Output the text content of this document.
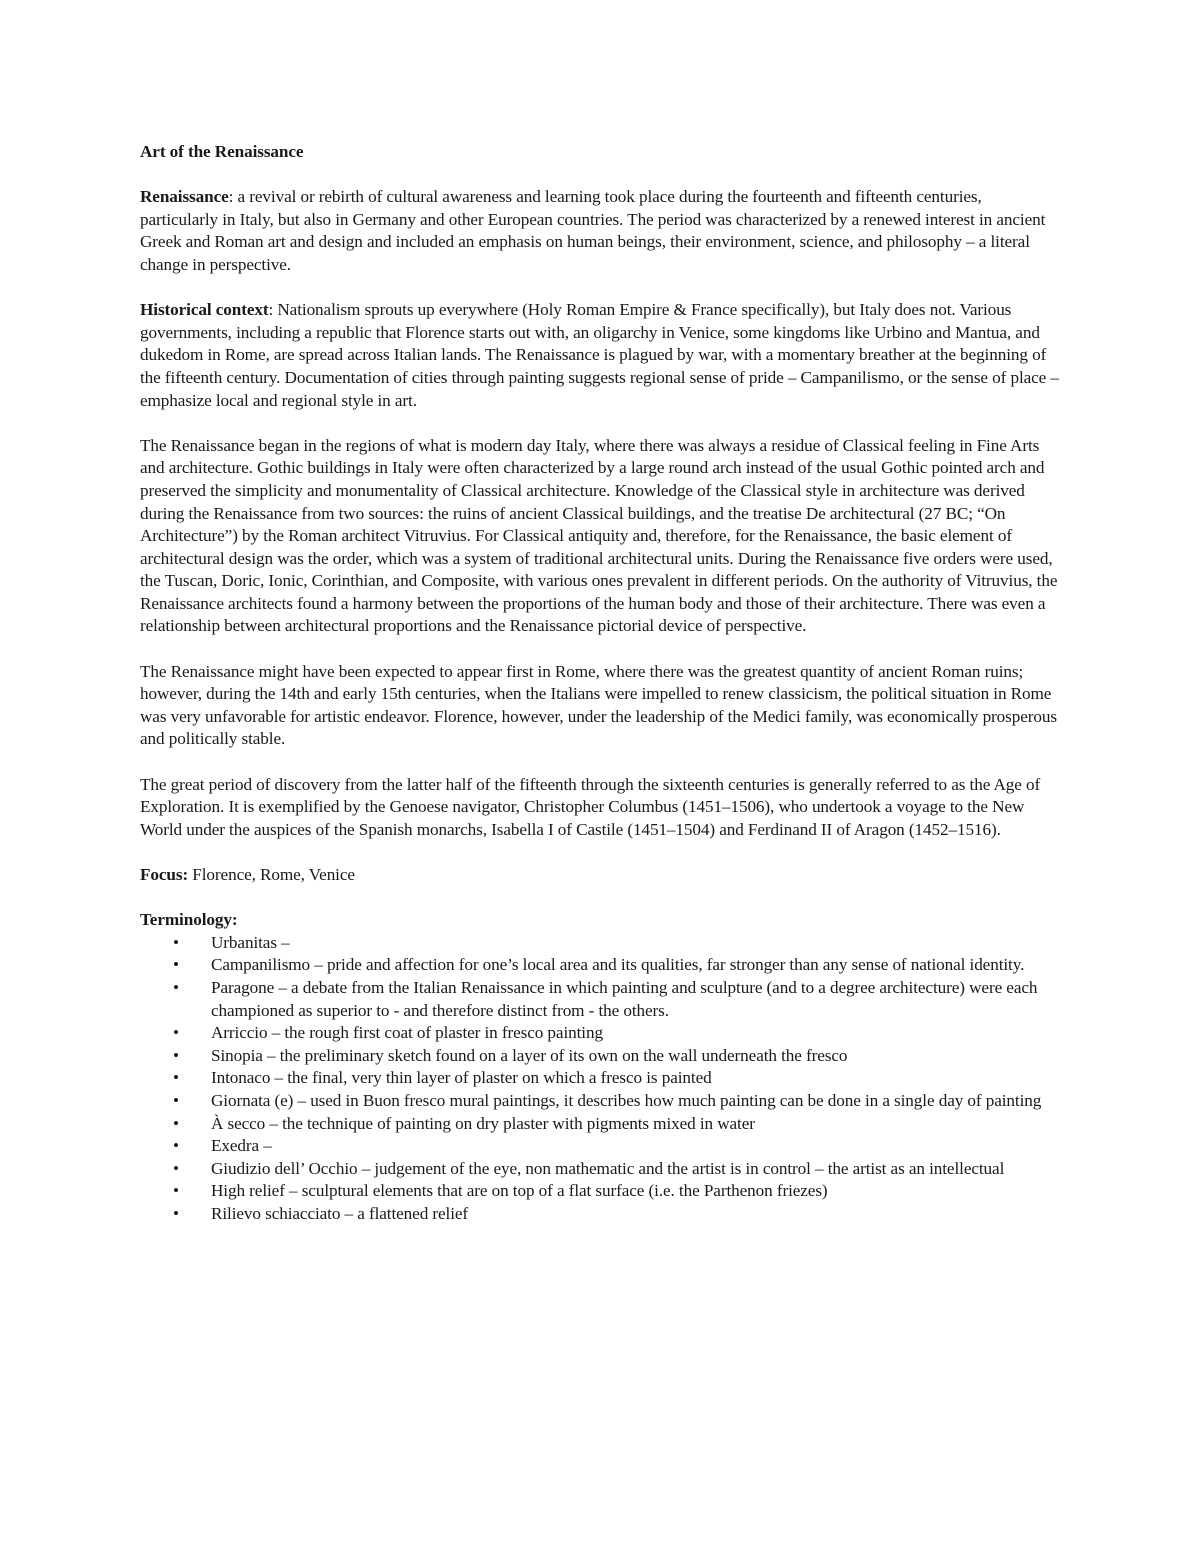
Art of the Renaissance

Renaissance: a revival or rebirth of cultural awareness and learning took place during the fourteenth and fifteenth centuries, particularly in Italy, but also in Germany and other European countries. The period was characterized by a renewed interest in ancient Greek and Roman art and design and included an emphasis on human beings, their environment, science, and philosophy – a literal change in perspective.

Historical context: Nationalism sprouts up everywhere (Holy Roman Empire & France specifically), but Italy does not. Various governments, including a republic that Florence starts out with, an oligarchy in Venice, some kingdoms like Urbino and Mantua, and dukedom in Rome, are spread across Italian lands. The Renaissance is plagued by war, with a momentary breather at the beginning of the fifteenth century. Documentation of cities through painting suggests regional sense of pride – Campanilismo, or the sense of place – emphasize local and regional style in art.

The Renaissance began in the regions of what is modern day Italy, where there was always a residue of Classical feeling in Fine Arts and architecture. Gothic buildings in Italy were often characterized by a large round arch instead of the usual Gothic pointed arch and preserved the simplicity and monumentality of Classical architecture. Knowledge of the Classical style in architecture was derived during the Renaissance from two sources: the ruins of ancient Classical buildings, and the treatise De architectural (27 BC; “On Architecture”) by the Roman architect Vitruvius. For Classical antiquity and, therefore, for the Renaissance, the basic element of architectural design was the order, which was a system of traditional architectural units. During the Renaissance five orders were used, the Tuscan, Doric, Ionic, Corinthian, and Composite, with various ones prevalent in different periods. On the authority of Vitruvius, the Renaissance architects found a harmony between the proportions of the human body and those of their architecture. There was even a relationship between architectural proportions and the Renaissance pictorial device of perspective.

The Renaissance might have been expected to appear first in Rome, where there was the greatest quantity of ancient Roman ruins; however, during the 14th and early 15th centuries, when the Italians were impelled to renew classicism, the political situation in Rome was very unfavorable for artistic endeavor. Florence, however, under the leadership of the Medici family, was economically prosperous and politically stable.

The great period of discovery from the latter half of the fifteenth through the sixteenth centuries is generally referred to as the Age of Exploration. It is exemplified by the Genoese navigator, Christopher Columbus (1451–1506), who undertook a voyage to the New World under the auspices of the Spanish monarchs, Isabella I of Castile (1451–1504) and Ferdinand II of Aragon (1452–1516).

Focus: Florence, Rome, Venice

Terminology:
• Urbanitas –
• Campanilismo – pride and affection for one’s local area and its qualities, far stronger than any sense of national identity.
• Paragone – a debate from the Italian Renaissance in which painting and sculpture (and to a degree architecture) were each championed as superior to - and therefore distinct from - the others.
• Arriccio – the rough first coat of plaster in fresco painting
• Sinopia – the preliminary sketch found on a layer of its own on the wall underneath the fresco
• Intonaco – the final, very thin layer of plaster on which a fresco is painted
• Giornata (e) – used in Buon fresco mural paintings, it describes how much painting can be done in a single day of painting
• À secco – the technique of painting on dry plaster with pigments mixed in water
• Exedra –
• Giudizio dell’ Occhio – judgement of the eye, non mathematic and the artist is in control – the artist as an intellectual
• High relief – sculptural elements that are on top of a flat surface (i.e. the Parthenon friezes)
• Rilievo schiacciato – a flattened relief
